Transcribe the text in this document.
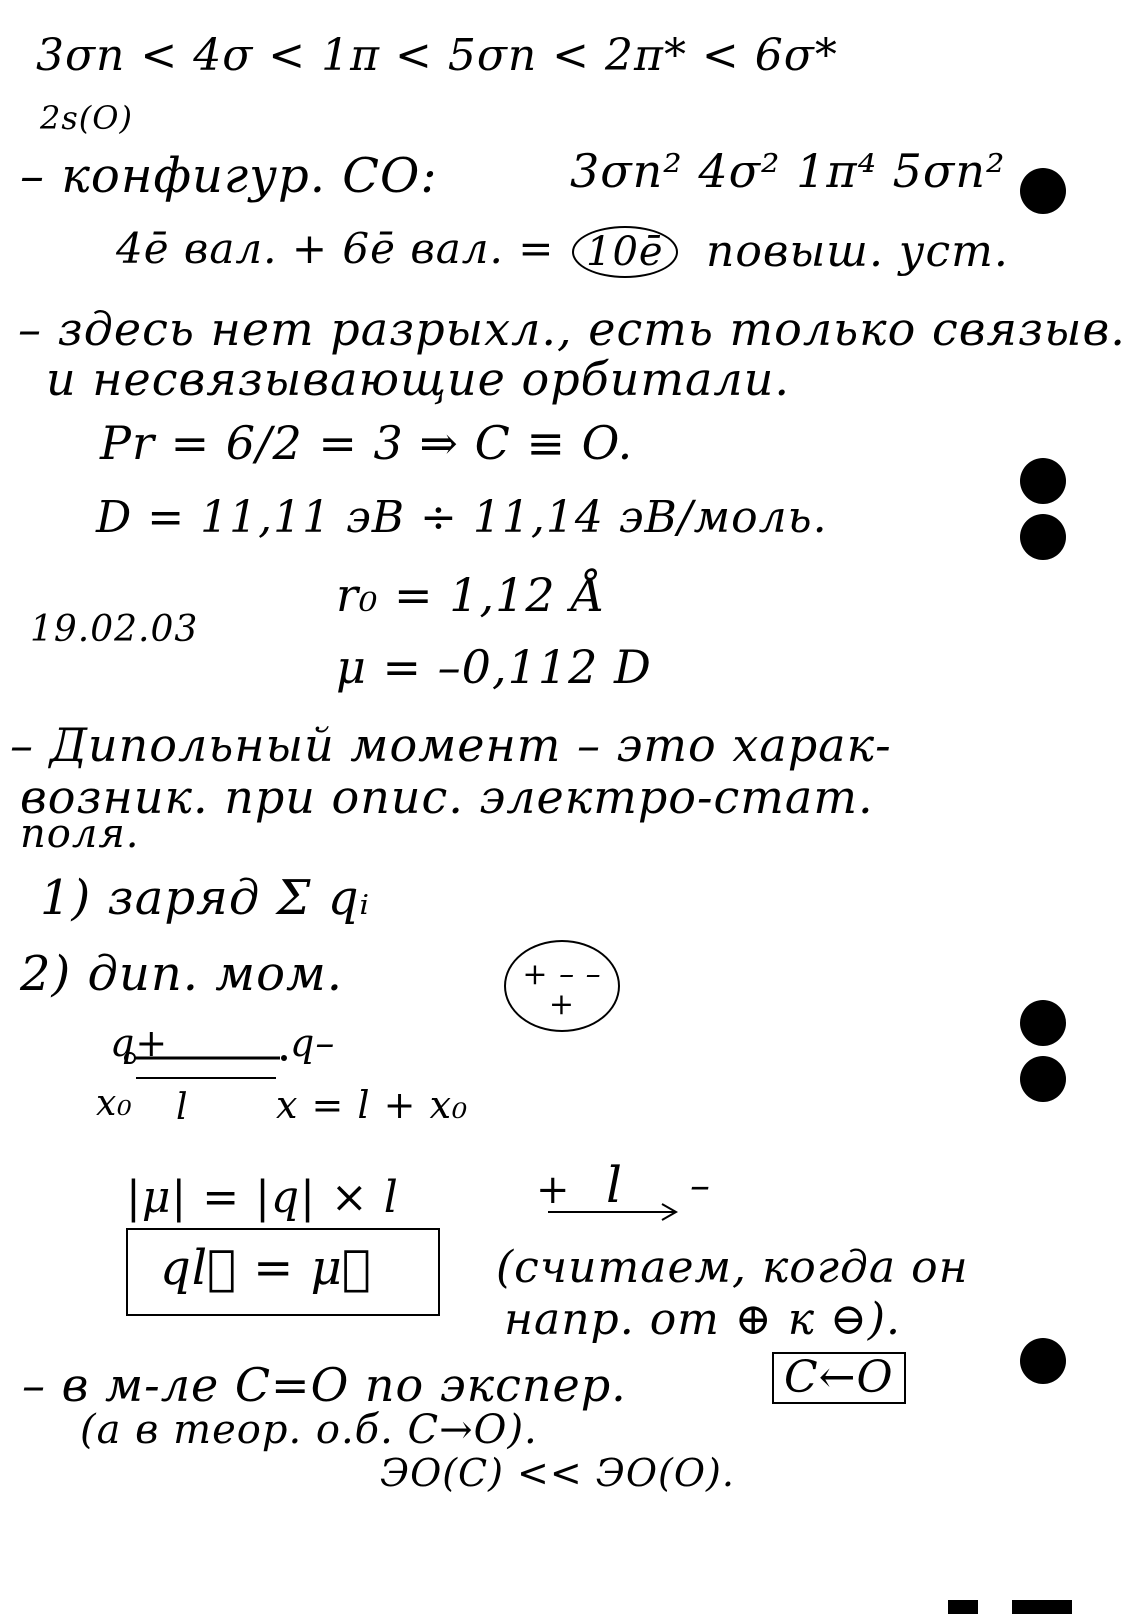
3σn < 4σ < 1π < 5σn < 2π* < 6σ*
2s(O)
– конфигур. CO:	3σn² 4σ² 1π⁴ 5σn²
4ē вал. + 6ē вал. = 10ē повыш. уст.
– здесь нет разрыхл., есть только связыв.
и несвязывающие орбитали.
Pr = 6/2 = 3 ⇒ C ≡ O.
D = 11,11 эВ ÷ 11,14 эВ/моль.
r₀ = 1,12 Å
19.02.03
μ = –0,112 D
– Дипольный момент – это харак-
возник. при опис. электро-стат.
поля.
1) заряд Σ qᵢ
2) дип. мом.	+ – – +
q+	q–
x₀ l x = l + x₀
|μ| = |q| × l
ql⃗ = μ⃗
+ l –
(считаем, когда он
напр. от ⊕ к ⊖).
– в м-ле C=O по экспер.	C←O
(а в теор. о.б. C→O).
ЭО(C) << ЭО(O).
